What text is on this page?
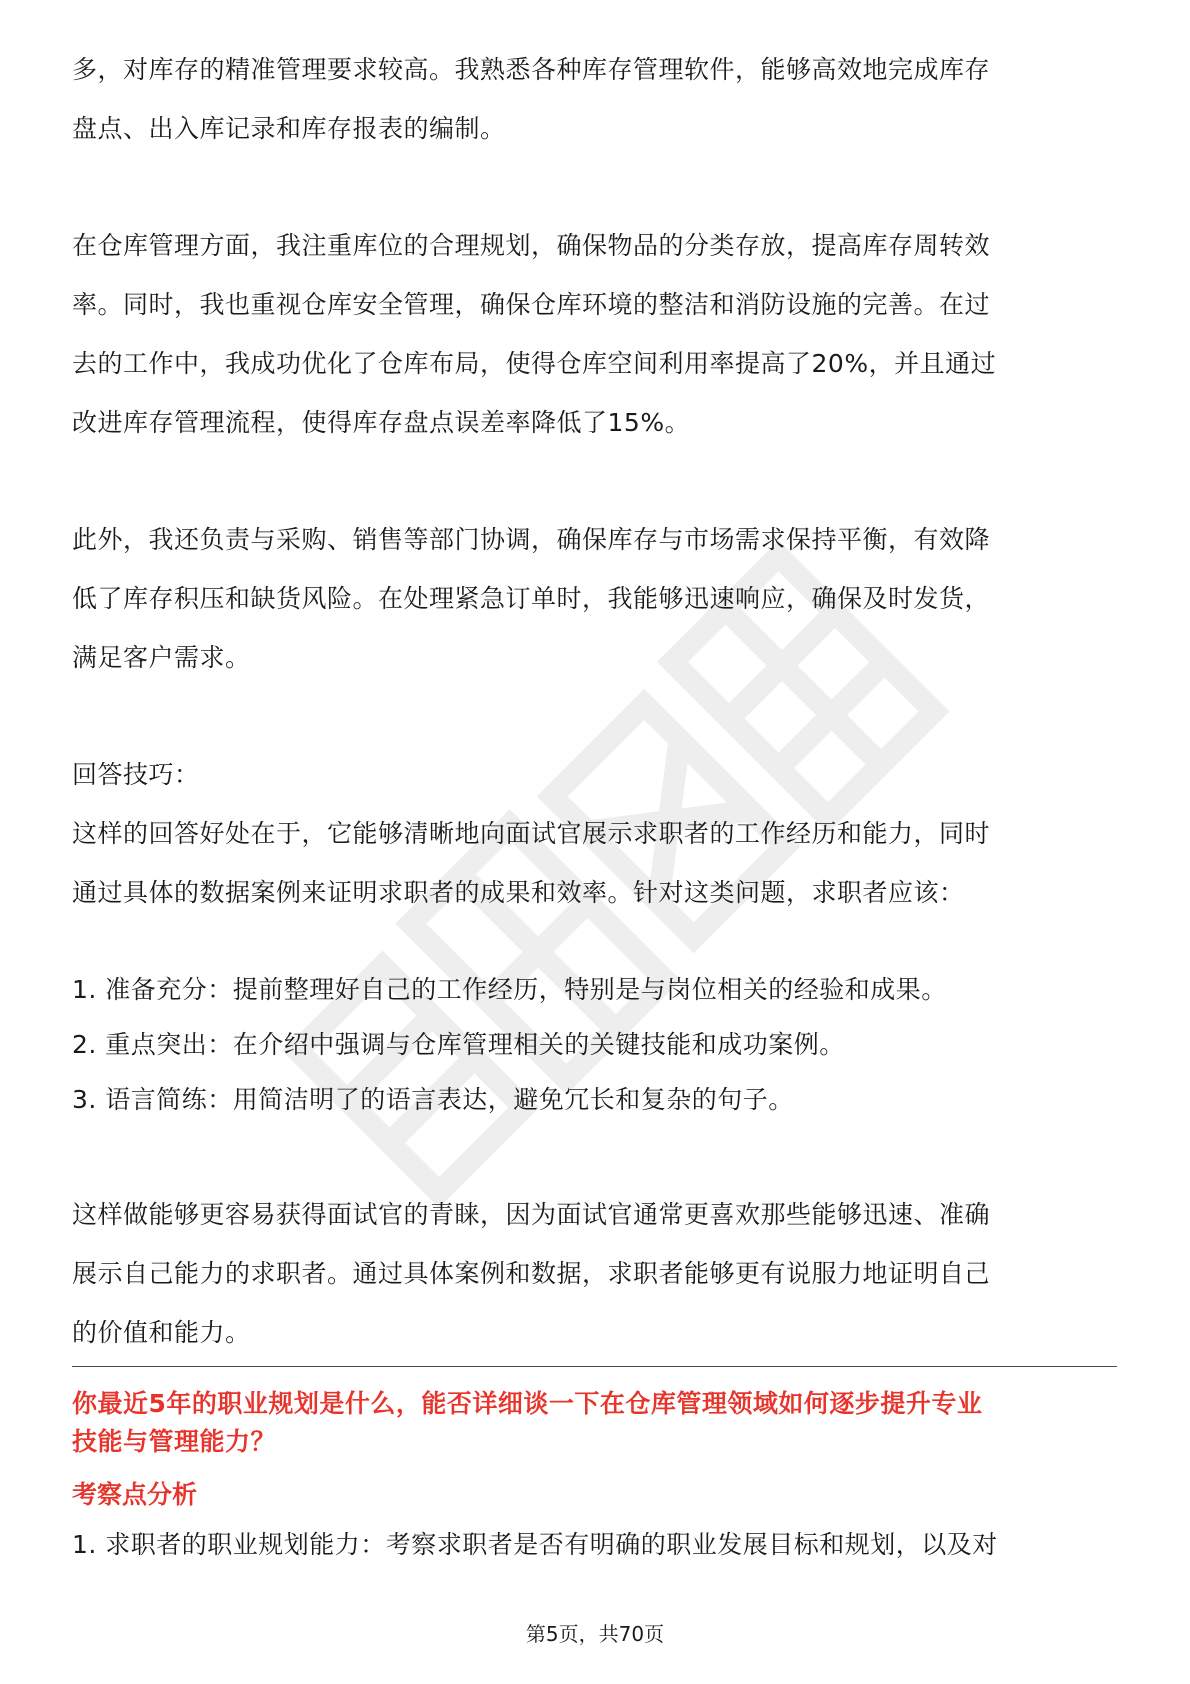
多，对库存的精准管理要求较高。我熟悉各种库存管理软件，能够高效地完成库存

盘点、出入库记录和库存报表的编制。

在仓库管理方面，我注重库位的合理规划，确保物品的分类存放，提高库存周转效

率。同时，我也重视仓库安全管理，确保仓库环境的整洁和消防设施的完善。在过

去的工作中，我成功优化了仓库布局，使得仓库空间利用率提高了20%，并且通过

改进库存管理流程，使得库存盘点误差率降低了15%。

此外，我还负责与采购、销售等部门协调，确保库存与市场需求保持平衡，有效降

低了库存积压和缺货风险。在处理紧急订单时，我能够迅速响应，确保及时发货，

满足客户需求。

回答技巧：

这样的回答好处在于，它能够清晰地向面试官展示求职者的工作经历和能力，同时

通过具体的数据案例来证明求职者的成果和效率。针对这类问题，求职者应该：

1. 准备充分：提前整理好自己的工作经历，特别是与岗位相关的经验和成果。

2. 重点突出：在介绍中强调与仓库管理相关的关键技能和成功案例。

3. 语言简练：用简洁明了的语言表达，避免冗长和复杂的句子。

这样做能够更容易获得面试官的青睐，因为面试官通常更喜欢那些能够迅速、准确

展示自己能力的求职者。通过具体案例和数据，求职者能够更有说服力地证明自己

的价值和能力。

你最近5年的职业规划是什么，能否详细谈一下在仓库管理领域如何逐步提升专业
技能与管理能力？
考察点分析

1. 求职者的职业规划能力：考察求职者是否有明确的职业发展目标和规划，以及对

第5页，共70页
